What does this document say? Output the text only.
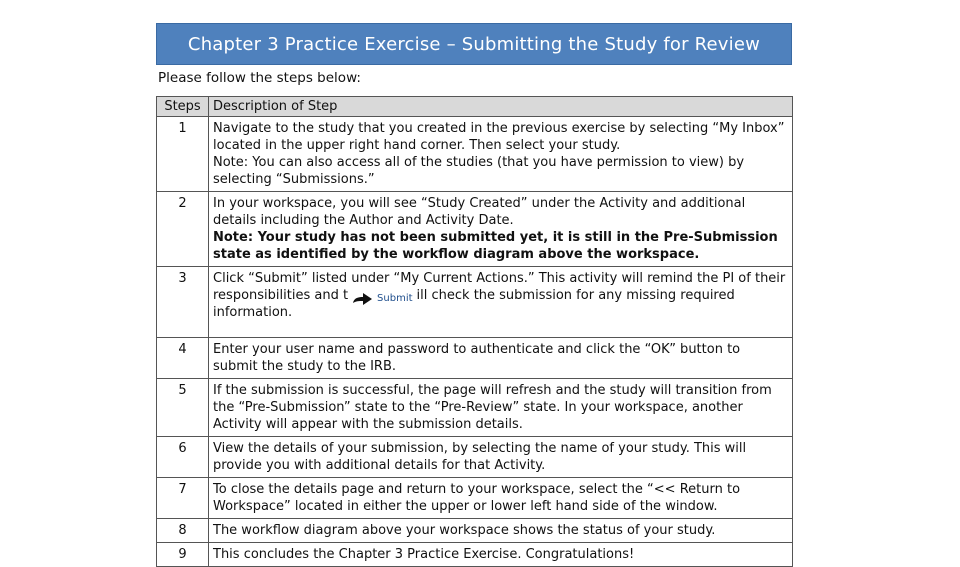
Chapter 3 Practice Exercise – Submitting the Study for Review
Please follow the steps below:
Steps	Description of Step
1	Navigate to the study that you created in the previous exercise by selecting “My Inbox” located in the upper right hand corner. Then select your study.
Note: You can also access all of the studies (that you have permission to view) by selecting “Submissions.”

2	In your workspace, you will see “Study Created” under the Activity and additional details including the Author and Activity Date.
Note: Your study has not been submitted yet, it is still in the Pre-Submission state as identified by the workflow diagram above the workspace.

3	Click “Submit” listed under “My Current Actions.” This activity will remind the PI of their responsibilities and t Submit ill check the submission for any missing required information.
4	Enter your user name and password to authenticate and click the “OK” button to submit the study to the IRB.

5	If the submission is successful, the page will refresh and the study will transition from the “Pre-Submission” state to the “Pre-Review” state. In your workspace, another Activity will appear with the submission details.

6	View the details of your submission, by selecting the name of your study. This will provide you with additional details for that Activity.

7	To close the details page and return to your workspace, select the “<< Return to Workspace” located in either the upper or lower left hand side of the window.

8	The workflow diagram above your workspace shows the status of your study.

9	This concludes the Chapter 3 Practice Exercise. Congratulations!
